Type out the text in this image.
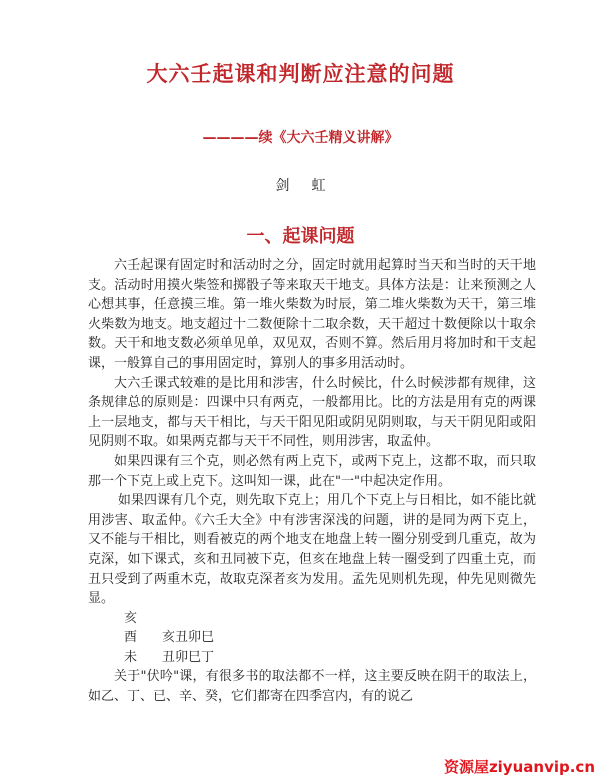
大六壬起课和判断应注意的问题
————续《大六壬精义讲解》
剑虹
一、起课问题

六壬起课有固定时和活动时之分，固定时就用起算时当天和当时的天干地支。活动时用摸火柴签和掷骰子等来取天干地支。具体方法是：让来预测之人心想其事，任意摸三堆。第一堆火柴数为时辰，第二堆火柴数为天干，第三堆火柴数为地支。地支超过十二数便除十二取余数，天干超过十数便除以十取余数。天干和地支数必须单见单，双见双，否则不算。然后用月将加时和干支起课，一般算自己的事用固定时，算别人的事多用活动时。

大六壬课式较难的是比用和涉害，什么时候比，什么时候涉都有规律，这条规律总的原则是：四课中只有两克，一般都用比。比的方法是用有克的两课上一层地支，都与天干相比，与天干阳见阳或阴见阴则取，与天干阴见阳或阳见阴则不取。如果两克都与天干不同性，则用涉害，取孟仲。

如果四课有三个克，则必然有两上克下，或两下克上，这都不取，而只取那一个下克上或上克下。这叫知一课，此在"一"中起决定作用。

如果四课有几个克，则先取下克上；用几个下克上与日相比，如不能比就用涉害、取孟仲。《六壬大全》中有涉害深浅的问题，讲的是同为两下克上，又不能与干相比，则看被克的两个地支在地盘上转一圈分别受到几重克，故为克深，如下课式，亥和丑同被下克，但亥在地盘上转一圈受到了四重土克，而丑只受到了两重木克，故取克深者亥为发用。孟先见则机先现，仲先见则微先显。

亥

酉 亥丑卯巳

未 丑卯巳丁

关于"伏吟"课，有很多书的取法都不一样，这主要反映在阴干的取法上，如乙、丁、已、辛、癸，它们都寄在四季宫内，有的说乙

资源屋ziyuanvip.cn
